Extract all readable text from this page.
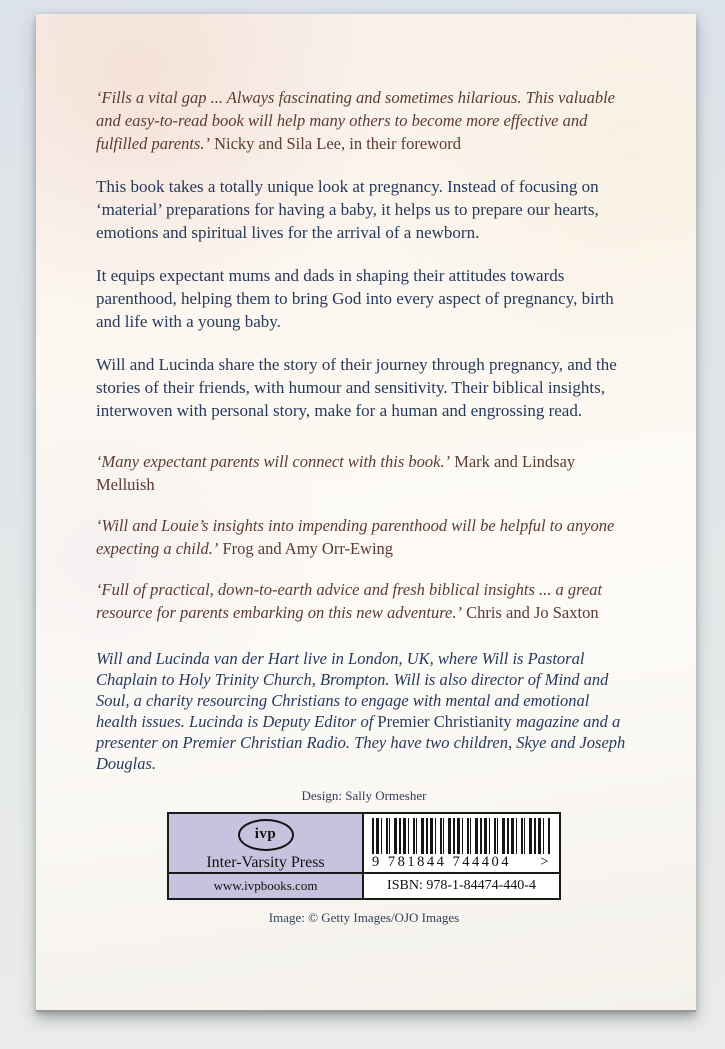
‘Fills a vital gap ... Always fascinating and sometimes hilarious. This valuable and easy-to-read book will help many others to become more effective and fulfilled parents.’ Nicky and Sila Lee, in their foreword

This book takes a totally unique look at pregnancy. Instead of focusing on ‘material’ preparations for having a baby, it helps us to prepare our hearts, emotions and spiritual lives for the arrival of a newborn.

It equips expectant mums and dads in shaping their attitudes towards parenthood, helping them to bring God into every aspect of pregnancy, birth and life with a young baby.

Will and Lucinda share the story of their journey through pregnancy, and the stories of their friends, with humour and sensitivity. Their biblical insights, interwoven with personal story, make for a human and engrossing read.

‘Many expectant parents will connect with this book.’ Mark and Lindsay Melluish

‘Will and Louie’s insights into impending parenthood will be helpful to anyone expecting a child.’ Frog and Amy Orr-Ewing

‘Full of practical, down-to-earth advice and fresh biblical insights ... a great resource for parents embarking on this new adventure.’ Chris and Jo Saxton

Will and Lucinda van der Hart live in London, UK, where Will is Pastoral Chaplain to Holy Trinity Church, Brompton. Will is also director of Mind and Soul, a charity resourcing Christians to engage with mental and emotional health issues. Lucinda is Deputy Editor of Premier Christianity magazine and a presenter on Premier Christian Radio. They have two children, Skye and Joseph Douglas.

Design: Sally Ormesher

ivp
Inter-Varsity Press	9 781844 744404 >
www.ivpbooks.com	ISBN: 978-1-84474-440-4

Image: © Getty Images/OJO Images
